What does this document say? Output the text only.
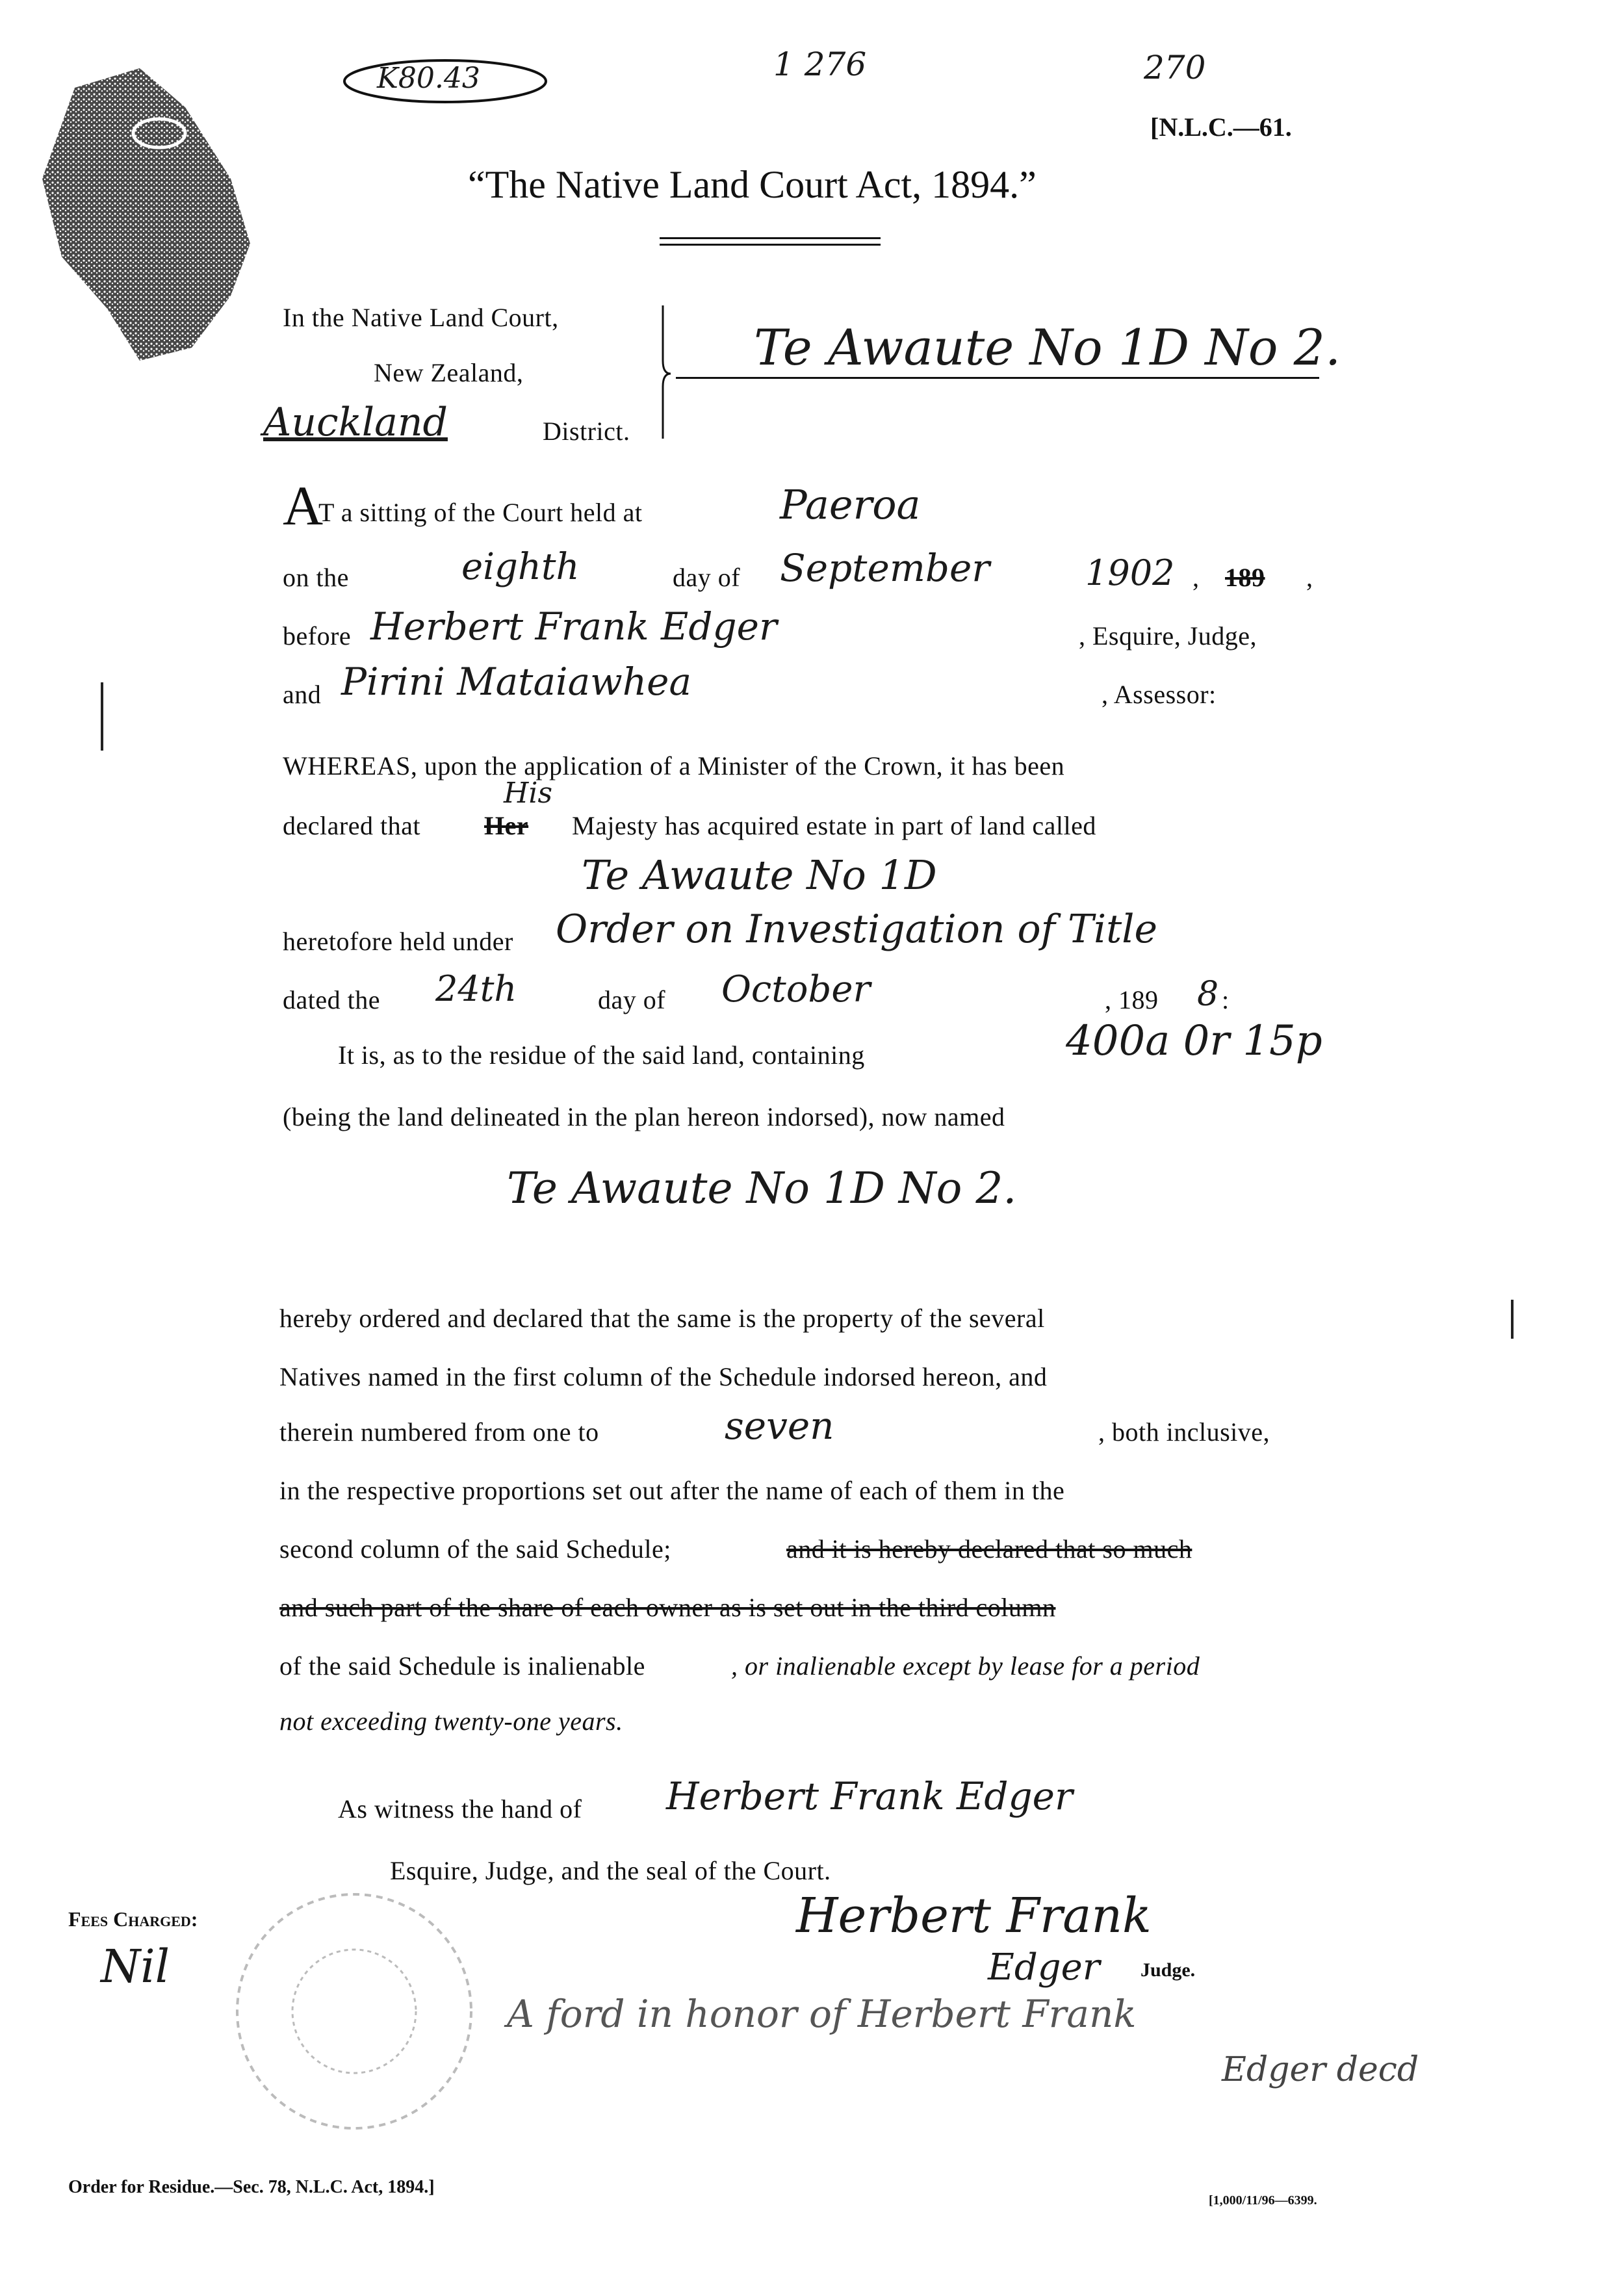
K80.43	1 276	270
[N.L.C.—61.
“The Native Land Court Act, 1894.”
In the Native Land Court,
New Zealand,
Auckland	District.
Te Awaute No 1D No 2.
A
T a sitting of the Court held at	Paeroa
on the	eighth	day of September	1902 , 189 ,
before Herbert Frank Edger	, Esquire, Judge,
and Pirini Mataiawhea	, Assessor:
WHEREAS, upon the application of a Minister of the Crown, it has been
His
declared that Her Majesty has acquired estate in part of land called
Te Awaute No 1D
heretofore held under Order on Investigation of Title
dated the 24th	day of October	, 189 8 :
It is, as to the residue of the said land, containing	400a 0r 15p
(being the land delineated in the plan hereon indorsed), now named
Te Awaute No 1D No 2.
hereby ordered and declared that the same is the property of the several
Natives named in the first column of the Schedule indorsed hereon, and
therein numbered from one to	seven	, both inclusive,
in the respective proportions set out after the name of each of them in the
second column of the said Schedule;	and it is hereby declared that so much
and such part of the share of each owner as is set out in the third column
of the said Schedule is inalienable	, or inalienable except by lease for a period
not exceeding twenty-one years.
As witness the hand of Herbert Frank Edger
Esquire, Judge, and the seal of the Court.
Fees Charged:
Nil
Herbert Frank
Edger Judge.
A ford in honor of Herbert Frank
Edger decd
Order for Residue.—Sec. 78, N.L.C. Act, 1894.]
[1,000/11/96—6399.
